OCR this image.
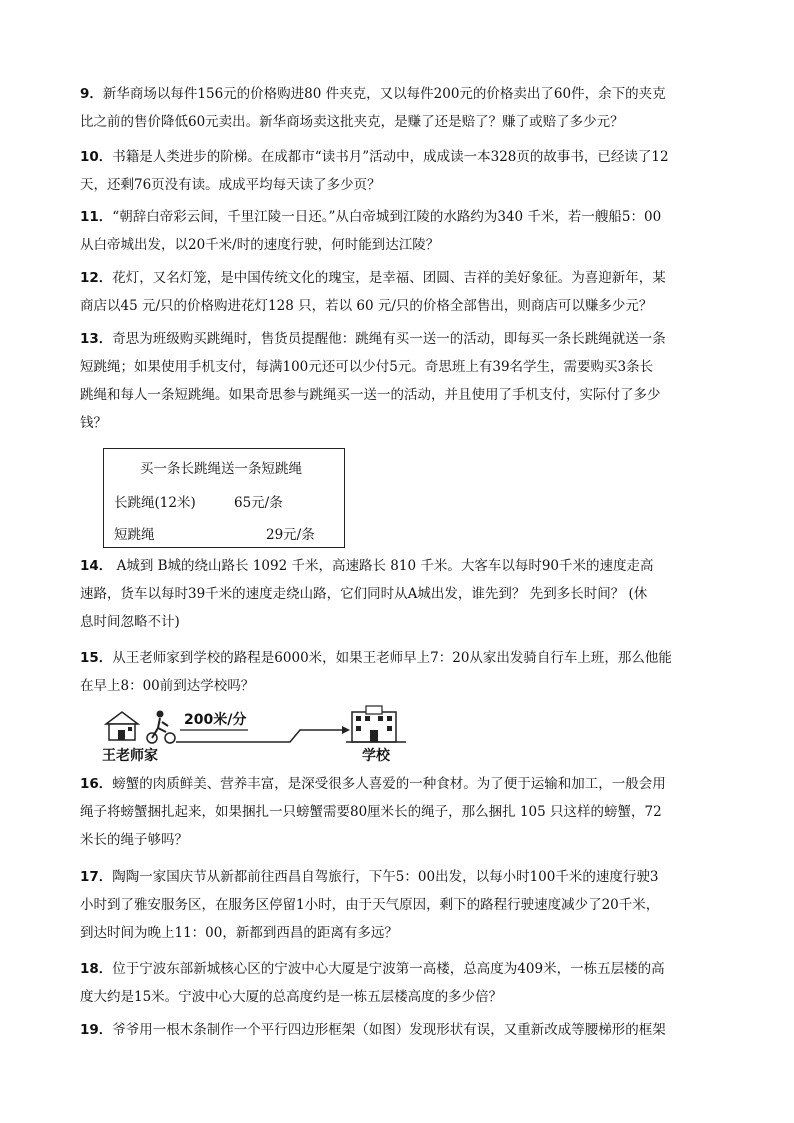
9．新华商场以每件156元的价格购进80 件夹克，又以每件200元的价格卖出了60件，余下的夹克
比之前的售价降低60元卖出。新华商场卖这批夹克，是赚了还是赔了？赚了或赔了多少元？
10．书籍是人类进步的阶梯。在成都市“读书月”活动中，成成读一本328页的故事书，已经读了12
天，还剩76页没有读。成成平均每天读了多少页？
11．“朝辞白帝彩云间，千里江陵一日还。”从白帝城到江陵的水路约为340 千米，若一艘船5：00
从白帝城出发，以20千米/时的速度行驶，何时能到达江陵？
12．花灯，又名灯笼，是中国传统文化的瑰宝，是幸福、团圆、吉祥的美好象征。为喜迎新年，某
商店以45 元/只的价格购进花灯128 只，若以 60 元/只的价格全部售出，则商店可以赚多少元？
13．奇思为班级购买跳绳时，售货员提醒他：跳绳有买一送一的活动，即每买一条长跳绳就送一条
短跳绳；如果使用手机支付，每满100元还可以少付5元。奇思班上有39名学生，需要购买3条长
跳绳和每人一条短跳绳。如果奇思参与跳绳买一送一的活动，并且使用了手机支付，实际付了多少
钱？
买一条长跳绳送一条短跳绳
长跳绳(12米)	65元/条
短跳绳	29元/条
14． A城到 B城的绕山路长 1092 千米，高速路长 810 千米。大客车以每时90千米的速度走高
速路，货车以每时39千米的速度走绕山路，它们同时从A城出发，谁先到？ 先到多长时间？ (休
息时间忽略不计)
15．从王老师家到学校的路程是6000米，如果王老师早上7：20从家出发骑自行车上班，那么他能
在早上8：00前到达学校吗？
200米/分
王老师家	学校
16．螃蟹的肉质鲜美、营养丰富，是深受很多人喜爱的一种食材。为了便于运输和加工，一般会用
绳子将螃蟹捆扎起来，如果捆扎一只螃蟹需要80厘米长的绳子，那么捆扎 105 只这样的螃蟹，72
米长的绳子够吗？
17．陶陶一家国庆节从新都前往西昌自驾旅行，下午5：00出发，以每小时100千米的速度行驶3
小时到了雅安服务区，在服务区停留1小时，由于天气原因，剩下的路程行驶速度减少了20千米，
到达时间为晚上11：00，新都到西昌的距离有多远？
18．位于宁波东部新城核心区的宁波中心大厦是宁波第一高楼，总高度为409米，一栋五层楼的高
度大约是15米。宁波中心大厦的总高度约是一栋五层楼高度的多少倍？
19．爷爷用一根木条制作一个平行四边形框架（如图）发现形状有误，又重新改成等腰梯形的框架
